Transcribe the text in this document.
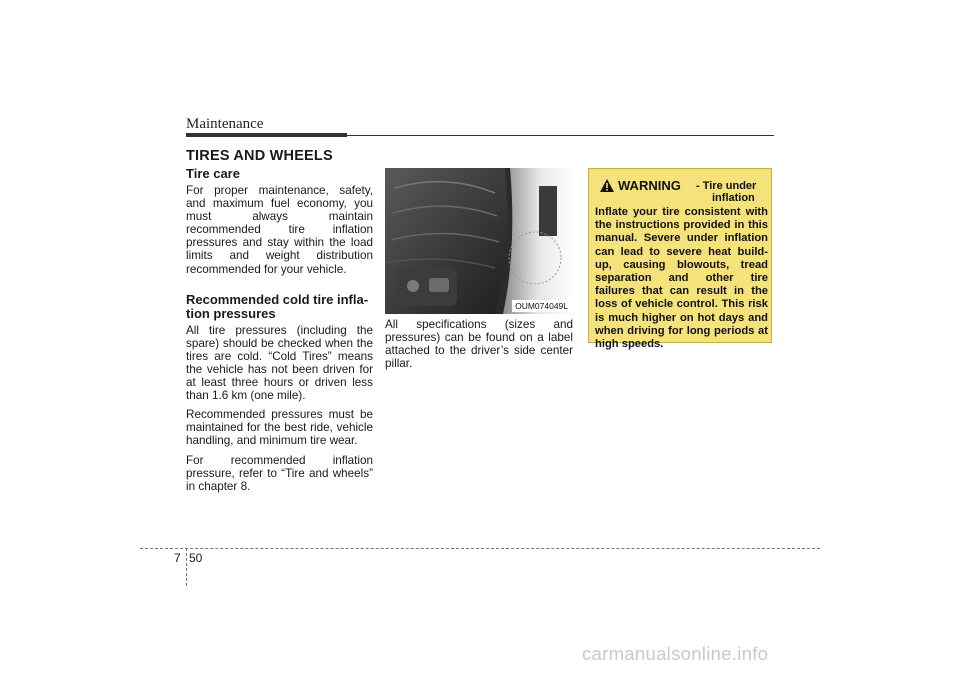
Maintenance
TIRES AND WHEELS
Tire care

For proper maintenance, safety, and maximum fuel economy, you must always maintain recommended tire inflation pressures and stay within the load limits and weight distribution recommended for your vehicle.

Recommended cold tire infla-
tion pressures

All tire pressures (including the spare) should be checked when the tires are cold. “Cold Tires” means the vehicle has not been driven for at least three hours or driven less than 1.6 km (one mile).

Recommended pressures must be maintained for the best ride, vehicle handling, and minimum tire wear.

For recommended inflation pressure, refer to “Tire and wheels” in chapter 8.

OUM074049L

All specifications (sizes and pressures) can be found on a label attached to the driver’s side center pillar.

WARNING - Tire under
inflation
Inflate your tire consistent with the instructions provided in this manual. Severe under inflation can lead to severe heat build-up, causing blowouts, tread separation and other tire failures that can result in the loss of vehicle control. This risk is much higher on hot days and when driving for long periods at high speeds.
7 50
carmanualsonline.info
